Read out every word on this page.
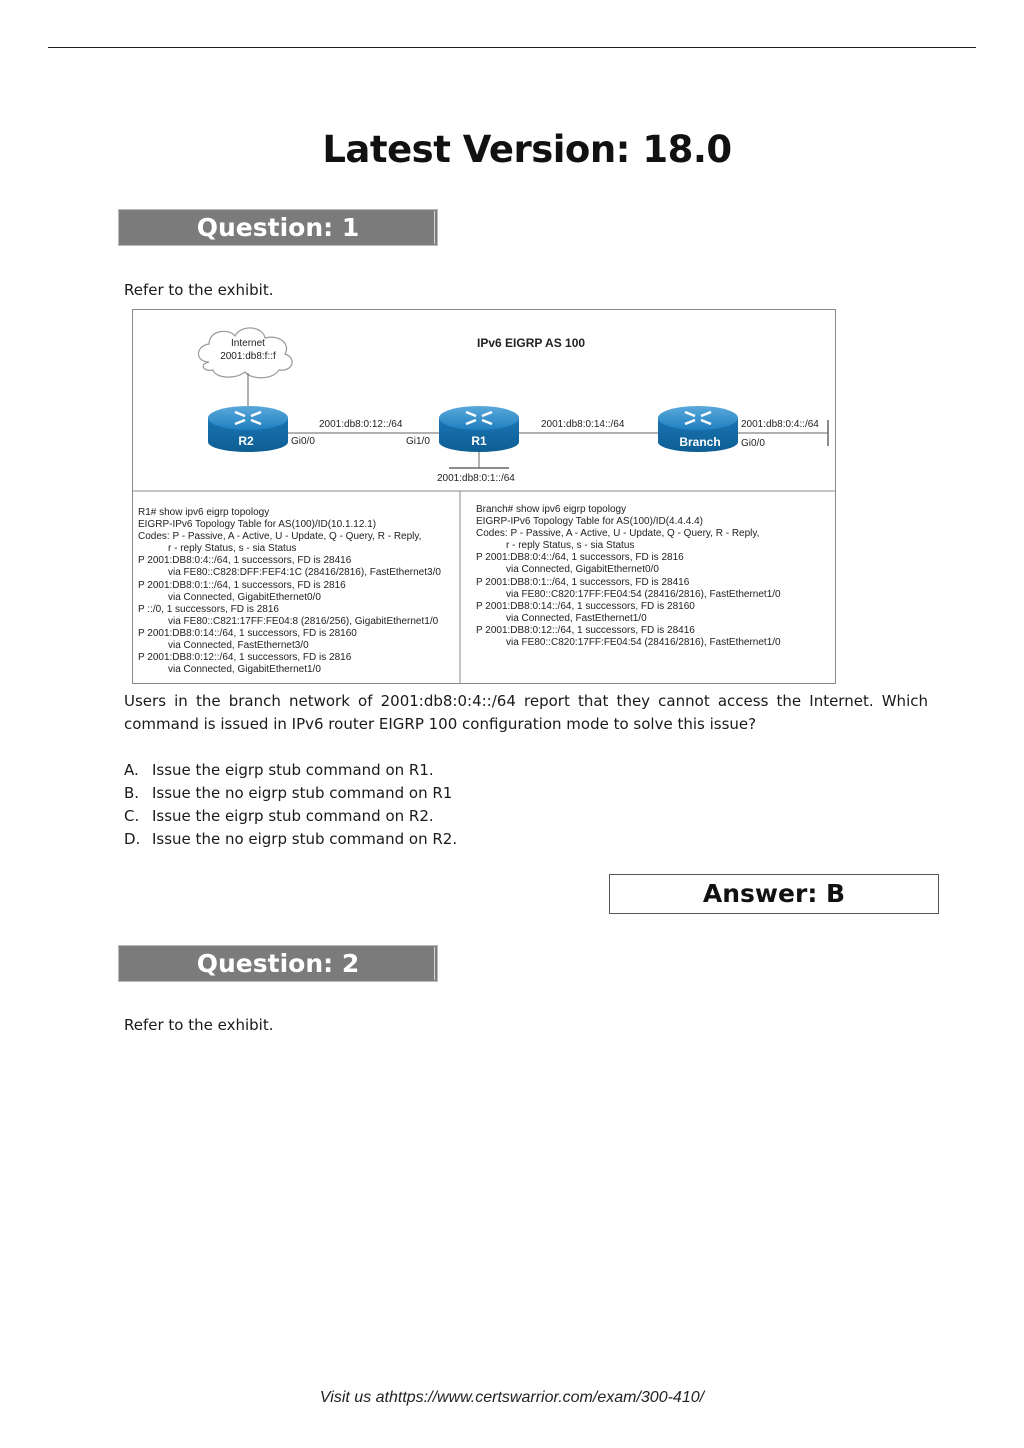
Latest Version: 18.0
Question: 1
Refer to the exhibit.
Internet
2001:db8:f::f
R2	R1	Branch
IPv6 EIGRP AS 100
2001:db8:0:12::/64	2001:db8:0:14::/64	2001:db8:0:4::/64
2001:db8:0:1::/64
Gi0/0	Gi1/0	Gi0/0
R1# show ipv6 eigrp topology
EIGRP-IPv6 Topology Table for AS(100)/ID(10.1.12.1)
Codes: P - Passive, A - Active, U - Update, Q - Query, R - Reply,
r - reply Status, s - sia Status
P 2001:DB8:0:4::/64, 1 successors, FD is 28416
via FE80::C828:DFF:FEF4:1C (28416/2816), FastEthernet3/0
P 2001:DB8:0:1::/64, 1 successors, FD is 2816
via Connected, GigabitEthernet0/0
P ::/0, 1 successors, FD is 2816
via FE80::C821:17FF:FE04:8 (2816/256), GigabitEthernet1/0
P 2001:DB8:0:14::/64, 1 successors, FD is 28160
via Connected, FastEthernet3/0
P 2001:DB8:0:12::/64, 1 successors, FD is 2816
via Connected, GigabitEthernet1/0
Branch# show ipv6 eigrp topology
EIGRP-IPv6 Topology Table for AS(100)/ID(4.4.4.4)
Codes: P - Passive, A - Active, U - Update, Q - Query, R - Reply,
r - reply Status, s - sia Status
P 2001:DB8:0:4::/64, 1 successors, FD is 2816
via Connected, GigabitEthernet0/0
P 2001:DB8:0:1::/64, 1 successors, FD is 28416
via FE80::C820:17FF:FE04:54 (28416/2816), FastEthernet1/0
P 2001:DB8:0:14::/64, 1 successors, FD is 28160
via Connected, FastEthernet1/0
P 2001:DB8:0:12::/64, 1 successors, FD is 28416
via FE80::C820:17FF:FE04:54 (28416/2816), FastEthernet1/0
Users in the branch network of 2001:db8:0:4::/64 report that they cannot access the Internet. Which command is issued in IPv6 router EIGRP 100 configuration mode to solve this issue?
A. Issue the eigrp stub command on R1.
B. Issue the no eigrp stub command on R1
C. Issue the eigrp stub command on R2.
D. Issue the no eigrp stub command on R2.
Answer: B
Question: 2
Refer to the exhibit.
Visit us athttps://www.certswarrior.com/exam/300-410/
